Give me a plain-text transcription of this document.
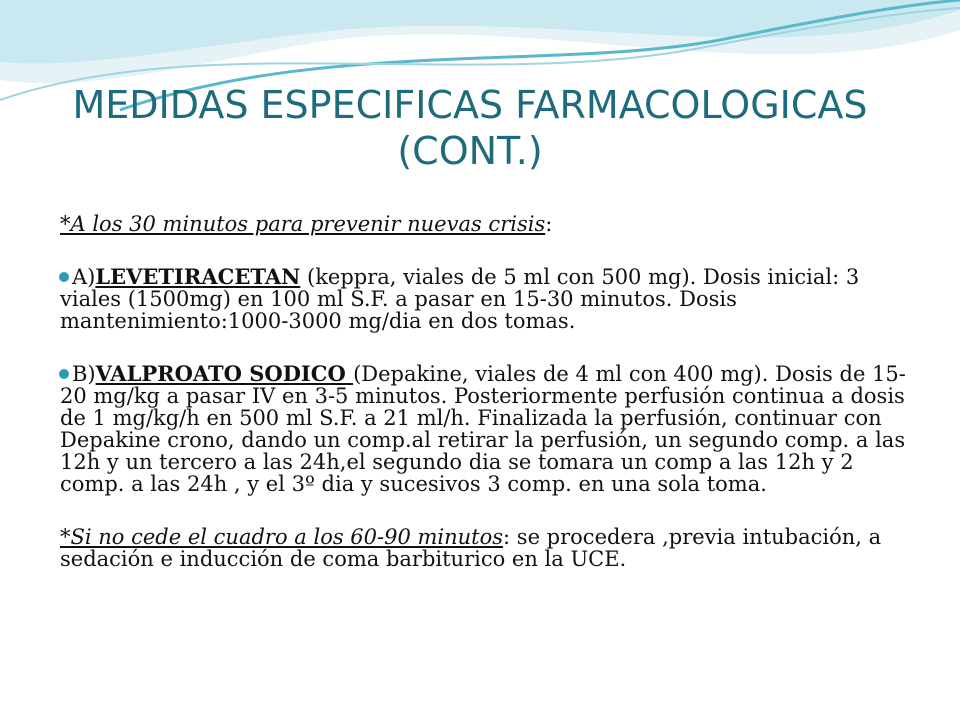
MEDIDAS ESPECIFICAS FARMACOLOGICAS
(CONT.)

*A los 30 minutos para prevenir nuevas crisis:

A)LEVETIRACETAN (keppra, viales de 5 ml con 500 mg). Dosis inicial: 3 viales (1500mg) en 100 ml S.F. a pasar en 15-30 minutos. Dosis mantenimiento:1000-3000 mg/dia en dos tomas.

B)VALPROATO SODICO (Depakine, viales de 4 ml con 400 mg). Dosis de 15-20 mg/kg a pasar IV en 3-5 minutos. Posteriormente perfusión continua a dosis de 1 mg/kg/h en 500 ml S.F. a 21 ml/h. Finalizada la perfusión, continuar con Depakine crono, dando un comp.al retirar la perfusión, un segundo comp. a las 12h y un tercero a las 24h,el segundo dia se tomara un comp a las 12h y 2 comp. a las 24h , y el 3º dia y sucesivos 3 comp. en una sola toma.

*Si no cede el cuadro a los 60-90 minutos: se procedera ,previa intubación, a sedación e inducción de coma barbiturico en la UCE.
